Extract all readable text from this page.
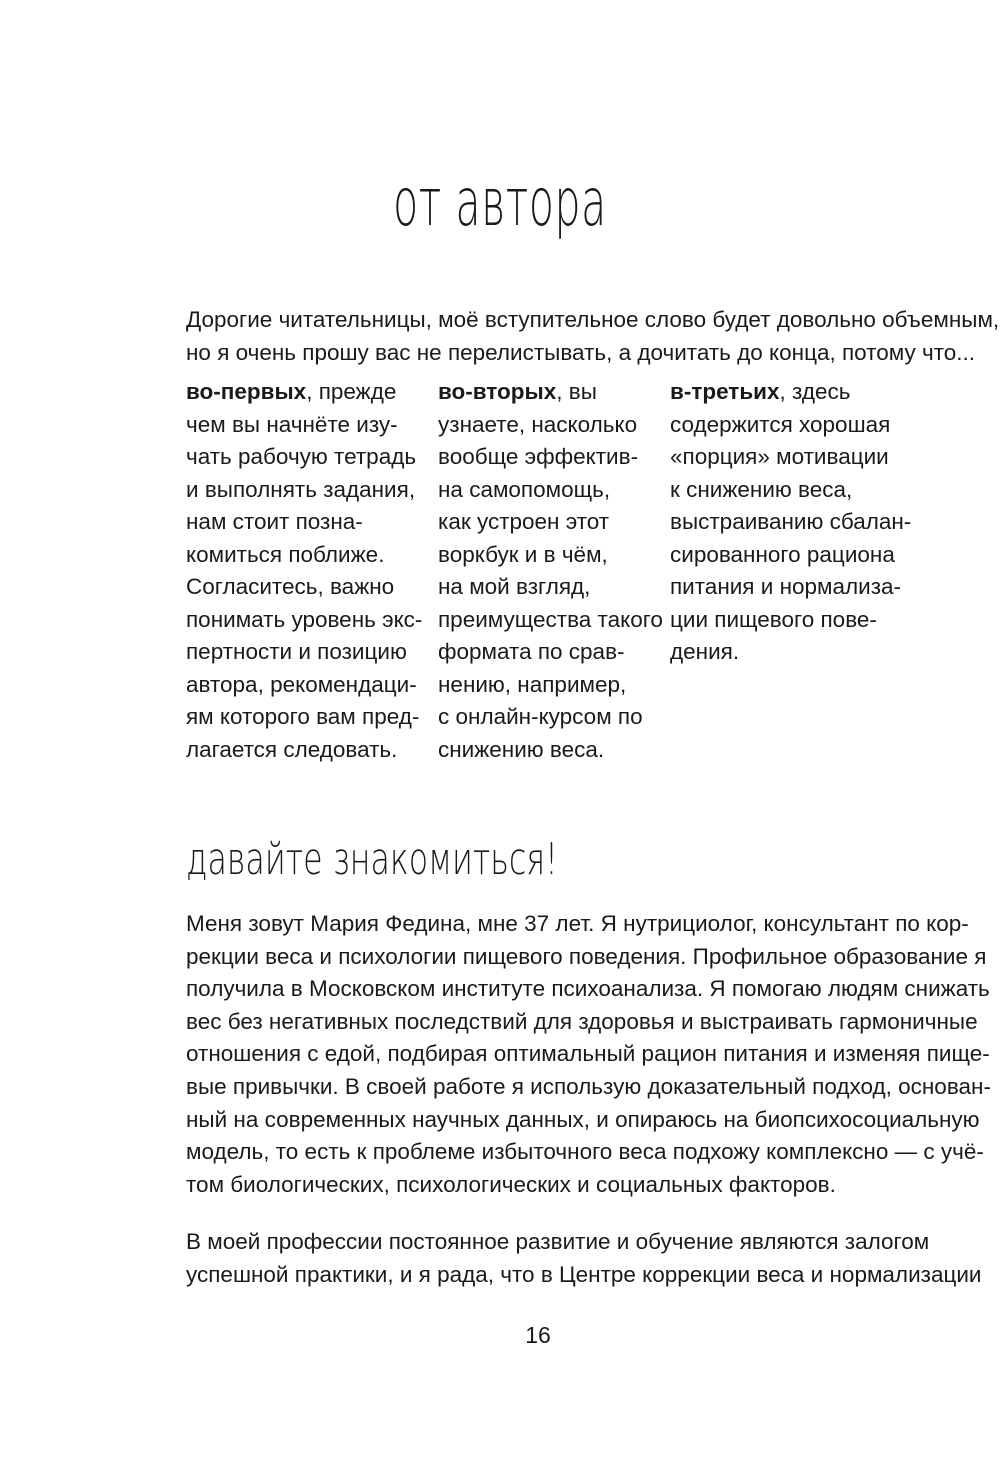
от автора

Дорогие читательницы, моё вступительное слово будет довольно объемным,
но я очень прошу вас не перелистывать, а дочитать до конца, потому что...

во-первых, прежде
чем вы начнёте изу-
чать рабочую тетрадь
и выполнять задания,
нам стоит позна-
комиться поближе.
Согласитесь, важно
понимать уровень экс-
пертности и позицию
автора, рекомендаци-
ям которого вам пред-
лагается следовать.

во-вторых, вы
узнаете, насколько
вообще эффектив-
на самопомощь,
как устроен этот
воркбук и в чём,
на мой взгляд,
преимущества такого
формата по срав-
нению, например,
с онлайн-курсом по
снижению веса.

в-третьих, здесь
содержится хорошая
«порция» мотивации
к снижению веса,
выстраиванию сбалан-
сированного рациона
питания и нормализа-
ции пищевого пове-
дения.

давайте знакомиться!

Меня зовут Мария Федина, мне 37 лет. Я нутрициолог, консультант по кор-
рекции веса и психологии пищевого поведения. Профильное образование я
получила в Московском институте психоанализа. Я помогаю людям снижать
вес без негативных последствий для здоровья и выстраивать гармоничные
отношения с едой, подбирая оптимальный рацион питания и изменяя пище-
вые привычки. В своей работе я использую доказательный подход, основан-
ный на современных научных данных, и опираюсь на биопсихосоциальную
модель, то есть к проблеме избыточного веса подхожу комплексно — с учё-
том биологических, психологических и социальных факторов.

В моей профессии постоянное развитие и обучение являются залогом
успешной практики, и я рада, что в Центре коррекции веса и нормализации

16
